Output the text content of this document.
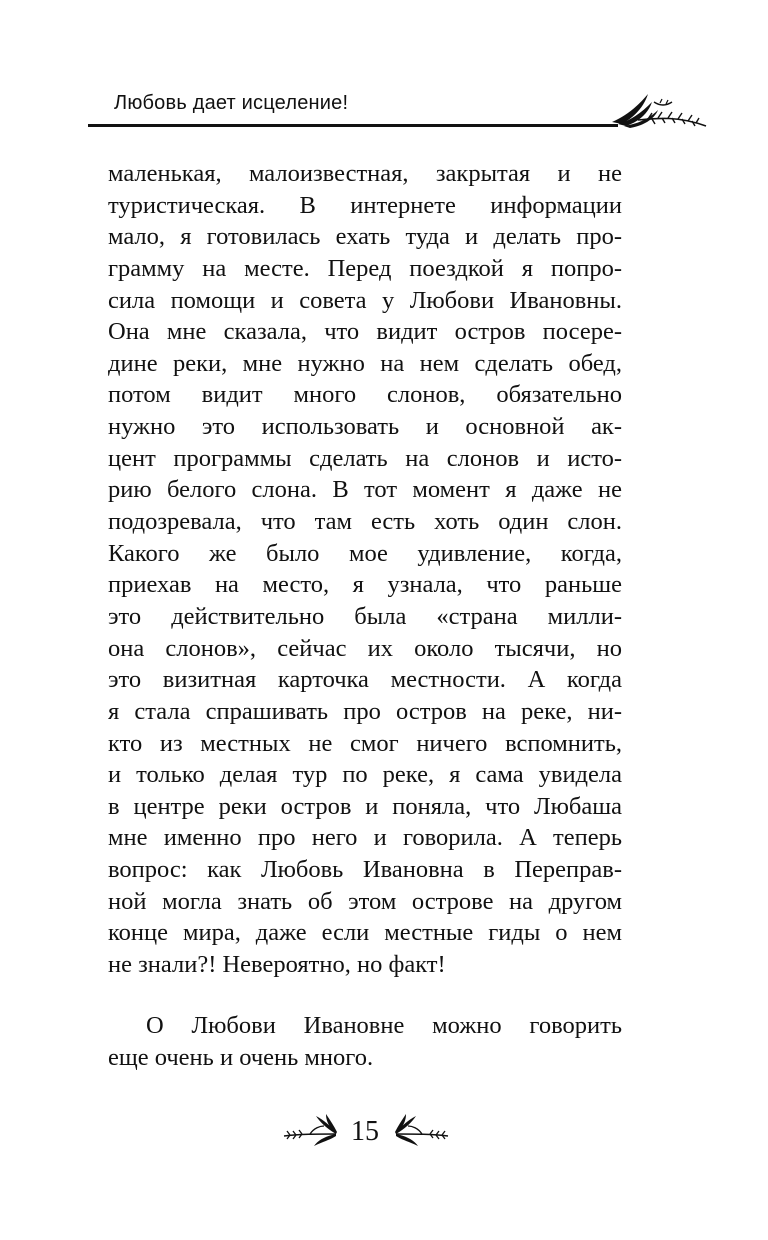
Любовь дает исцеление!
маленькая, малоизвестная, закрытая и не
туристическая. В интернете информации
мало, я готовилась ехать туда и делать про-
грамму на месте. Перед поездкой я попро-
сила помощи и совета у Любови Ивановны.
Она мне сказала, что видит остров посере-
дине реки, мне нужно на нем сделать обед,
потом видит много слонов, обязательно
нужно это использовать и основной ак-
цент программы сделать на слонов и исто-
рию белого слона. В тот момент я даже не
подозревала, что там есть хоть один слон.
Какого же было мое удивление, когда,
приехав на место, я узнала, что раньше
это действительно была «страна милли-
она слонов», сейчас их около тысячи, но
это визитная карточка местности. А когда
я стала спрашивать про остров на реке, ни-
кто из местных не смог ничего вспомнить,
и только делая тур по реке, я сама увидела
в центре реки остров и поняла, что Любаша
мне именно про него и говорила. А теперь
вопрос: как Любовь Ивановна в Переправ-
ной могла знать об этом острове на другом
конце мира, даже если местные гиды о нем
не знали?! Невероятно, но факт!
О Любови Ивановне можно говорить
еще очень и очень много.
15
